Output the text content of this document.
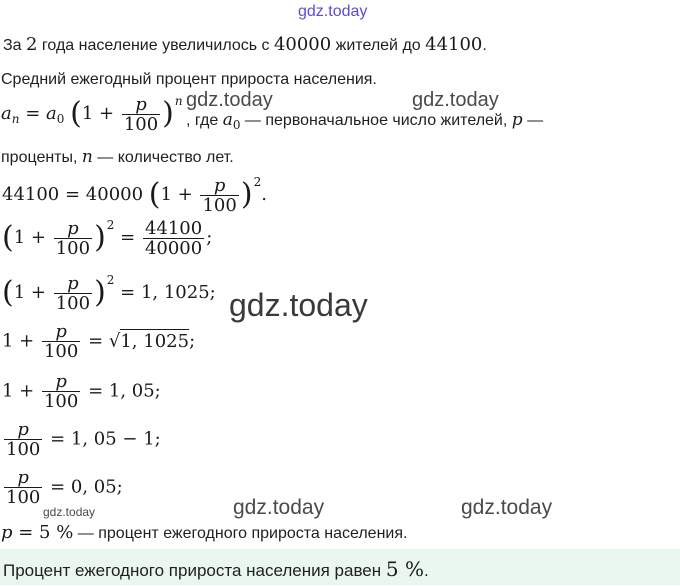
gdz.today
За 2 года население увеличилось с 40000 жителей до 44100.
Средний ежегодный процент прироста населения.
$a_n = a_0$ $(1 + \frac{p}{100} )^n$
, где $a_0$ — первоначальное число жителей, p —
gdz.today	gdz.today
проценты, n — количество лет.
44100 = 40000 $(1 + \frac{p}{100} )^2$.
$(1 + \frac{p}{100} )^2 = \frac{44100}{40000}$ ;
$(1 + \frac{p}{100} )^2 = 1$, 1025; gdz.today
$1 + \frac{p}{100} = √1$, 1025;
$1 + \frac{p}{100} = 1$, 05;
$\frac{p}{100} = 1$, 05 − 1;
$\frac{p}{100} = 0$, 05;
gdz.today	gdz.today	gdz.today
p = 5 % — процент ежегодного прироста населения.
Процент ежегодного прироста населения равен 5 %.
